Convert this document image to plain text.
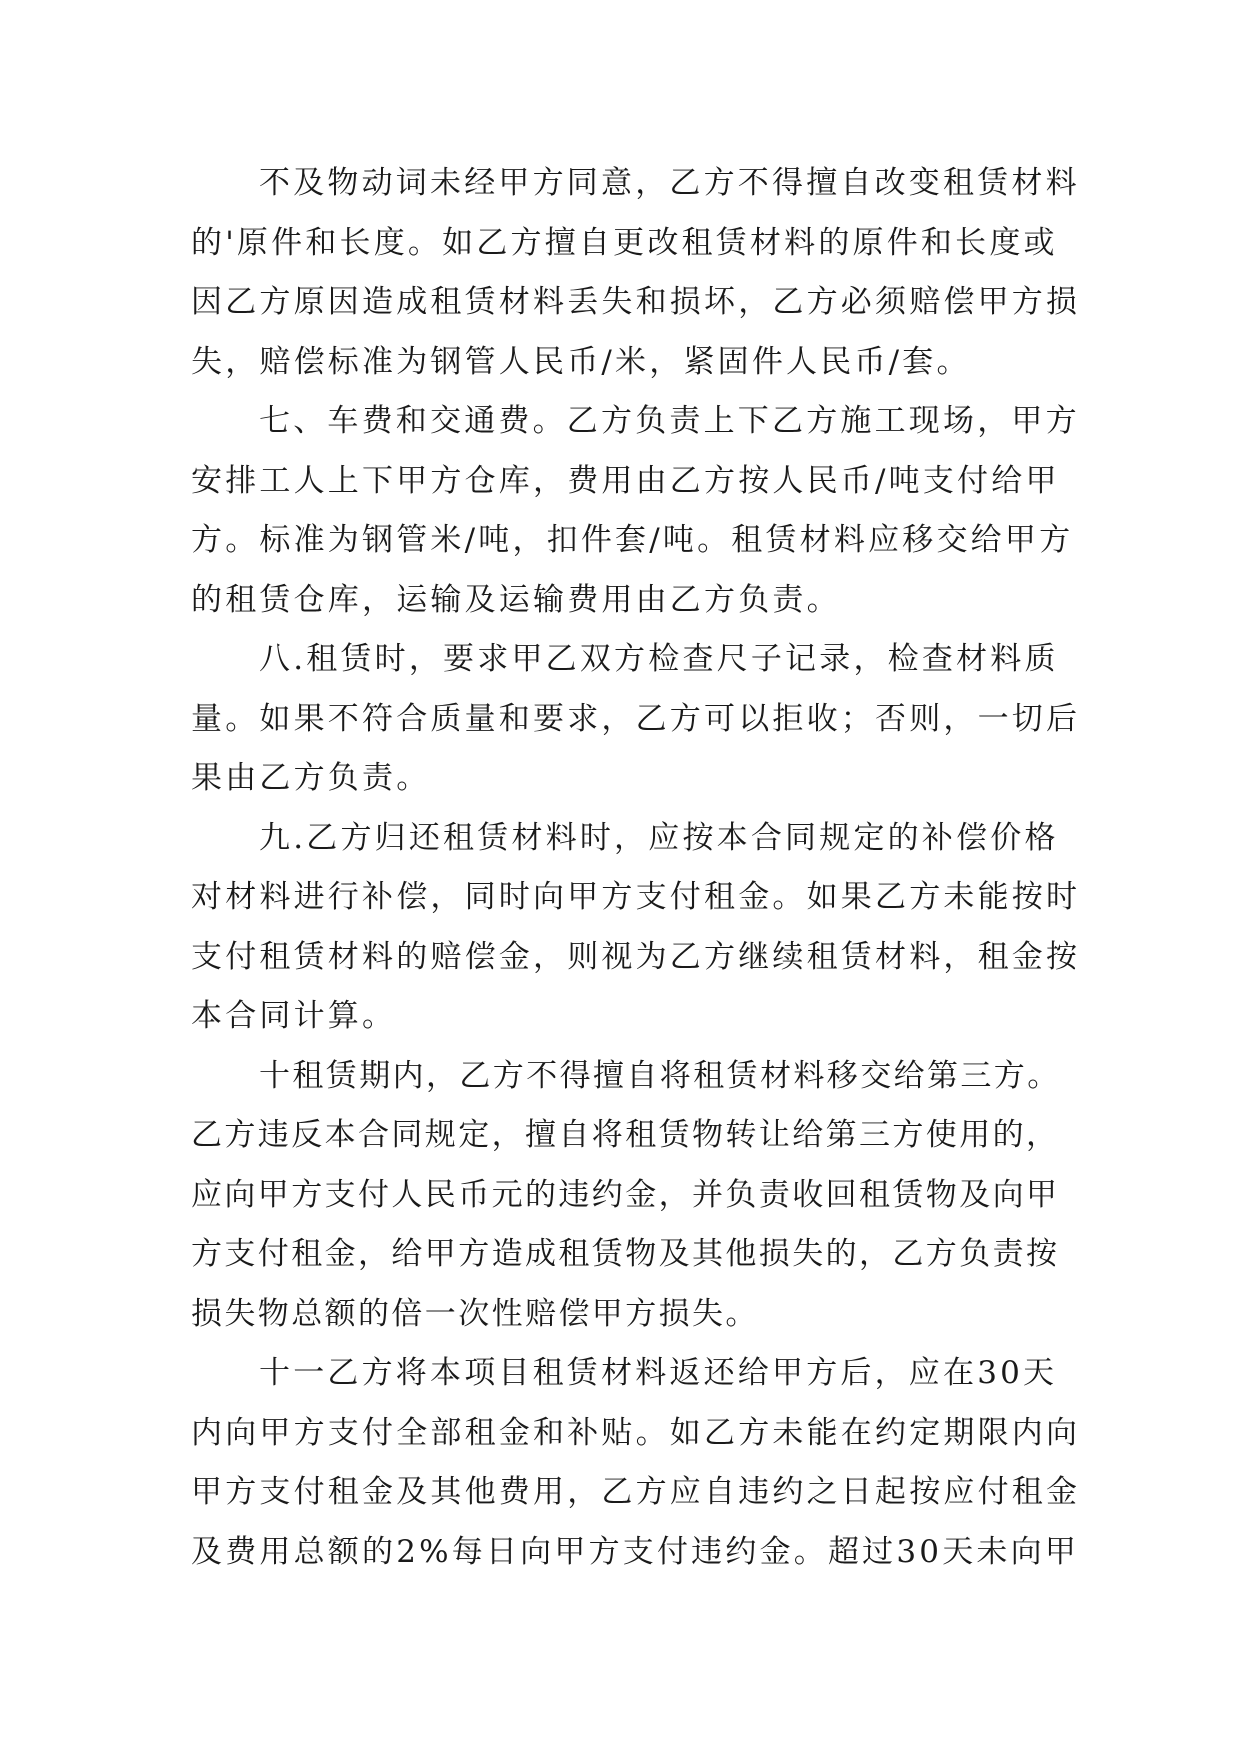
不及物动词未经甲方同意，乙方不得擅自改变租赁材料
的'原件和长度。如乙方擅自更改租赁材料的原件和长度或
因乙方原因造成租赁材料丢失和损坏，乙方必须赔偿甲方损
失，赔偿标准为钢管人民币/米，紧固件人民币/套。

七、车费和交通费。乙方负责上下乙方施工现场，甲方
安排工人上下甲方仓库，费用由乙方按人民币/吨支付给甲
方。标准为钢管米/吨，扣件套/吨。租赁材料应移交给甲方
的租赁仓库，运输及运输费用由乙方负责。

八.租赁时，要求甲乙双方检查尺子记录，检查材料质
量。如果不符合质量和要求，乙方可以拒收；否则，一切后
果由乙方负责。

九.乙方归还租赁材料时，应按本合同规定的补偿价格
对材料进行补偿，同时向甲方支付租金。如果乙方未能按时
支付租赁材料的赔偿金，则视为乙方继续租赁材料，租金按
本合同计算。

十租赁期内，乙方不得擅自将租赁材料移交给第三方。
乙方违反本合同规定，擅自将租赁物转让给第三方使用的，
应向甲方支付人民币元的违约金，并负责收回租赁物及向甲
方支付租金，给甲方造成租赁物及其他损失的，乙方负责按
损失物总额的倍一次性赔偿甲方损失。

十一乙方将本项目租赁材料返还给甲方后，应在30天
内向甲方支付全部租金和补贴。如乙方未能在约定期限内向
甲方支付租金及其他费用，乙方应自违约之日起按应付租金
及费用总额的2%每日向甲方支付违约金。超过30天未向甲
